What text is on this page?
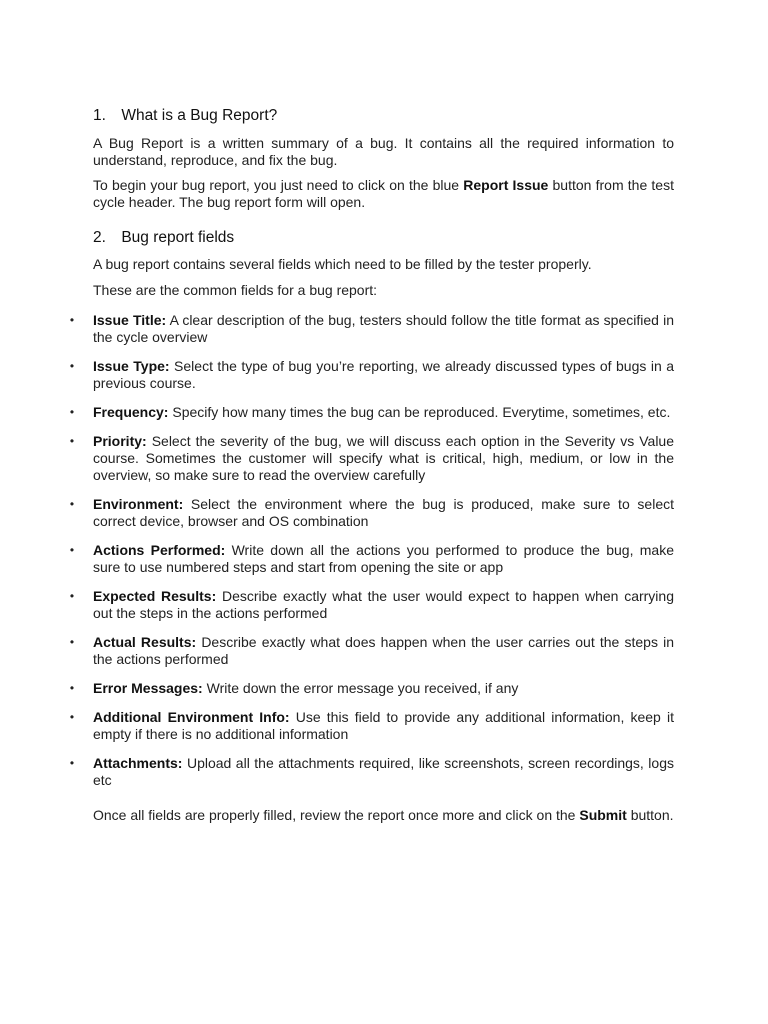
1. What is a Bug Report?

A Bug Report is a written summary of a bug. It contains all the required information to understand, reproduce, and fix the bug.

To begin your bug report, you just need to click on the blue Report Issue button from the test cycle header. The bug report form will open.

2. Bug report fields

A bug report contains several fields which need to be filled by the tester properly.

These are the common fields for a bug report:

• Issue Title: A clear description of the bug, testers should follow the title format as specified in the cycle overview
• Issue Type: Select the type of bug you’re reporting, we already discussed types of bugs in a previous course.
• Frequency: Specify how many times the bug can be reproduced. Everytime, sometimes, etc.
• Priority: Select the severity of the bug, we will discuss each option in the Severity vs Value course. Sometimes the customer will specify what is critical, high, medium, or low in the overview, so make sure to read the overview carefully
• Environment: Select the environment where the bug is produced, make sure to select correct device, browser and OS combination
• Actions Performed: Write down all the actions you performed to produce the bug, make sure to use numbered steps and start from opening the site or app
• Expected Results: Describe exactly what the user would expect to happen when carrying out the steps in the actions performed
• Actual Results: Describe exactly what does happen when the user carries out the steps in the actions performed
• Error Messages: Write down the error message you received, if any
• Additional Environment Info: Use this field to provide any additional information, keep it empty if there is no additional information
• Attachments: Upload all the attachments required, like screenshots, screen recordings, logs etc

Once all fields are properly filled, review the report once more and click on the Submit button.
